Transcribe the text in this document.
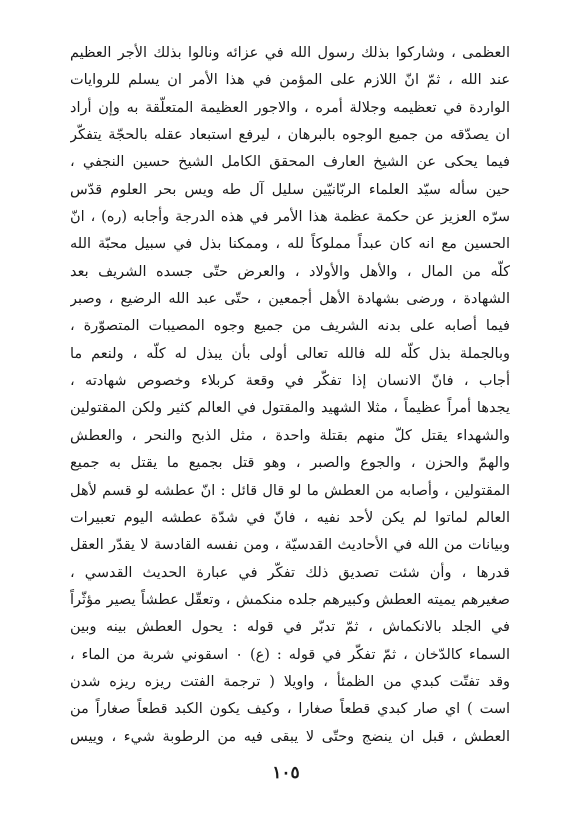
العظمى ، وشاركوا بذلك رسول الله في عزائه ونالوا بذلك الأجر العظيم
عند الله ، ثمّ انّ اللازم على المؤمن في هذا الأمر ان يسلم للروايات
الواردة في تعظيمه وجلالة أمره ، والاجور العظيمة المتعلّقة به وإن أراد
ان يصدّقه من جميع الوجوه بالبرهان ، ليرفع استبعاد عقله بالحجّة يتفكّر
فيما يحكى عن الشيخ العارف المحقق الكامل الشيخ حسين النجفي ،
حين سأله سيّد العلماء الربّانيّين سليل آل طه ويس بحر العلوم قدّس
سرّه العزيز عن حكمة عظمة هذا الأمر في هذه الدرجة وأجابه (ره) ، انّ
الحسين مع انه كان عبداً مملوكاً لله ، وممكنا بذل في سبيل محبّة الله
كلّه من المال ، والأهل والأولاد ، والعرض حتّى جسده الشريف بعد
الشهادة ، ورضى بشهادة الأهل أجمعين ، حتّى عبد الله الرضيع ، وصبر
فيما أصابه على بدنه الشريف من جميع وجوه المصيبات المتصوّرة ،
وبالجملة بذل كلّه لله فالله تعالى أولى بأن يبذل له كلّه ، ولنعم ما
أجاب ، فانّ الانسان إذا تفكّر في وقعة كربلاء وخصوص شهادته ،
يجدها أمراً عظيماً ، مثلا الشهيد والمقتول في العالم كثير ولكن المقتولين
والشهداء يقتل كلّ منهم بقتلة واحدة ، مثل الذبح والنحر ، والعطش
والهمّ والحزن ، والجوع والصبر ، وهو قتل بجميع ما يقتل به جميع
المقتولين ، وأصابه من العطش ما لو قال قائل : انّ عطشه لو قسم لأهل
العالم لماتوا لم يكن لأحد نفيه ، فانّ في شدّة عطشه اليوم تعبيرات
وبيانات من الله في الأحاديث القدسيّة ، ومن نفسه القادسة لا يقدّر العقل
قدرها ، وأن شئت تصديق ذلك تفكّر في عبارة الحديث القدسي ،
صغيرهم يميته العطش وكبيرهم جلده منكمش ، وتعقّل عطشاً يصير مؤثّراً
في الجلد بالانكماش ، ثمّ تدبّر في قوله : يحول العطش بينه وبين
السماء كالدّخان ، ثمّ تفكّر في قوله : (ع) ٠ اسقوني شربة من الماء ،
وقد تفتّت كبدي من الظمئأ ، واويلا ( ترجمة الفتت ريزه ريزه شدن
است ) اي صار كبدي قطعاً صغارا ، وكيف يكون الكبد قطعاً صغاراً من
العطش ، قبل ان ينضج وحتّى لا يبقى فيه من الرطوبة شيء ، وييس
١٠٥
